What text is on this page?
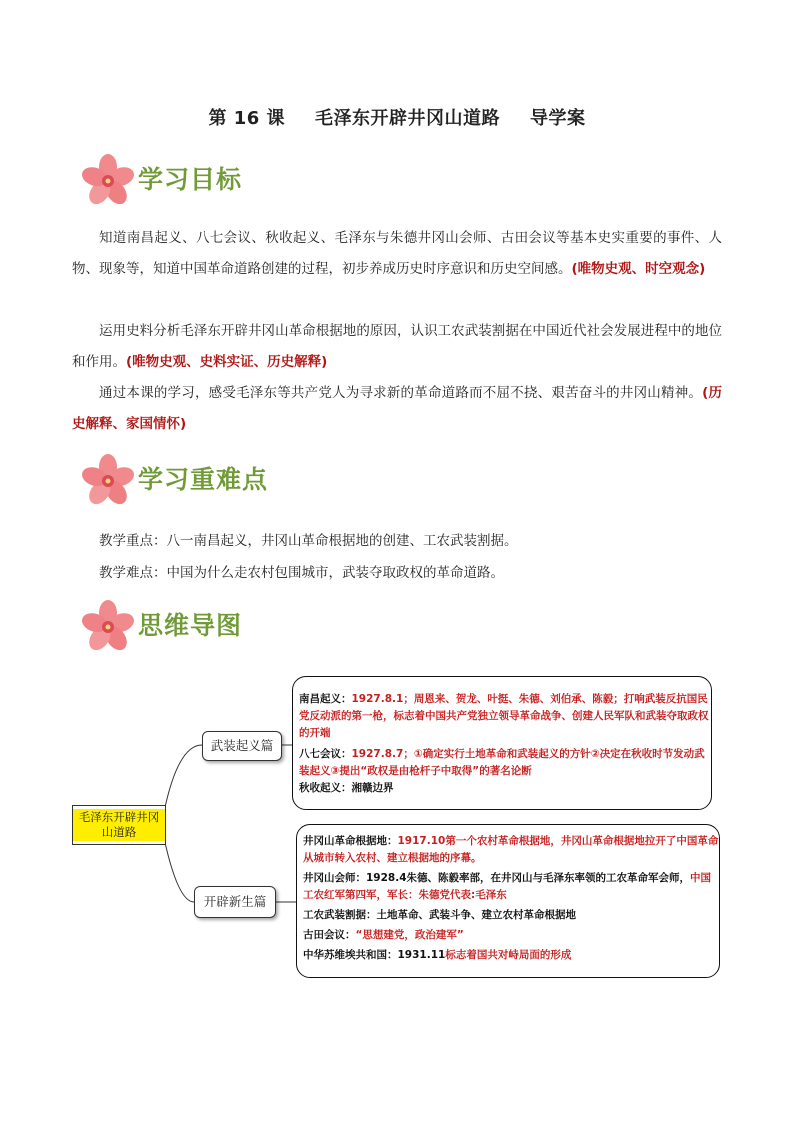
第 16 课 毛泽东开辟井冈山道路 导学案
学习目标
知道南昌起义、八七会议、秋收起义、毛泽东与朱德井冈山会师、古田会议等基本史实重要的事件、人物、现象等，知道中国革命道路创建的过程，初步养成历史时序意识和历史空间感。(唯物史观、时空观念)
运用史料分析毛泽东开辟井冈山革命根据地的原因，认识工农武装割据在中国近代社会发展进程中的地位和作用。(唯物史观、史料实证、历史解释)
通过本课的学习，感受毛泽东等共产党人为寻求新的革命道路而不屈不挠、艰苦奋斗的井冈山精神。(历史解释、家国情怀)
学习重难点
教学重点：八一南昌起义，井冈山革命根据地的创建、工农武装割据。
教学难点：中国为什么走农村包围城市，武装夺取政权的革命道路。
思维导图
毛泽东开辟井冈山道路
武装起义篇
开辟新生篇

南昌起义：1927.8.1；周恩来、贺龙、叶挺、朱德、刘伯承、陈毅；打响武装反抗国民党反动派的第一枪，标志着中国共产党独立领导革命战争、创建人民军队和武装夺取政权的开端

八七会议：1927.8.7；①确定实行土地革命和武装起义的方针②决定在秋收时节发动武装起义③提出“政权是由枪杆子中取得”的著名论断

秋收起义：湘赣边界

井冈山革命根据地：1917.10第一个农村革命根据地，井冈山革命根据地拉开了中国革命从城市转入农村、建立根据地的序幕。

井冈山会师：1928.4朱德、陈毅率部，在井冈山与毛泽东率领的工农革命军会师，中国工农红军第四军，军长：朱德党代表:毛泽东

工农武装割据：土地革命、武装斗争、建立农村革命根据地

古田会议：“思想建党，政治建军”

中华苏维埃共和国：1931.11标志着国共对峙局面的形成
